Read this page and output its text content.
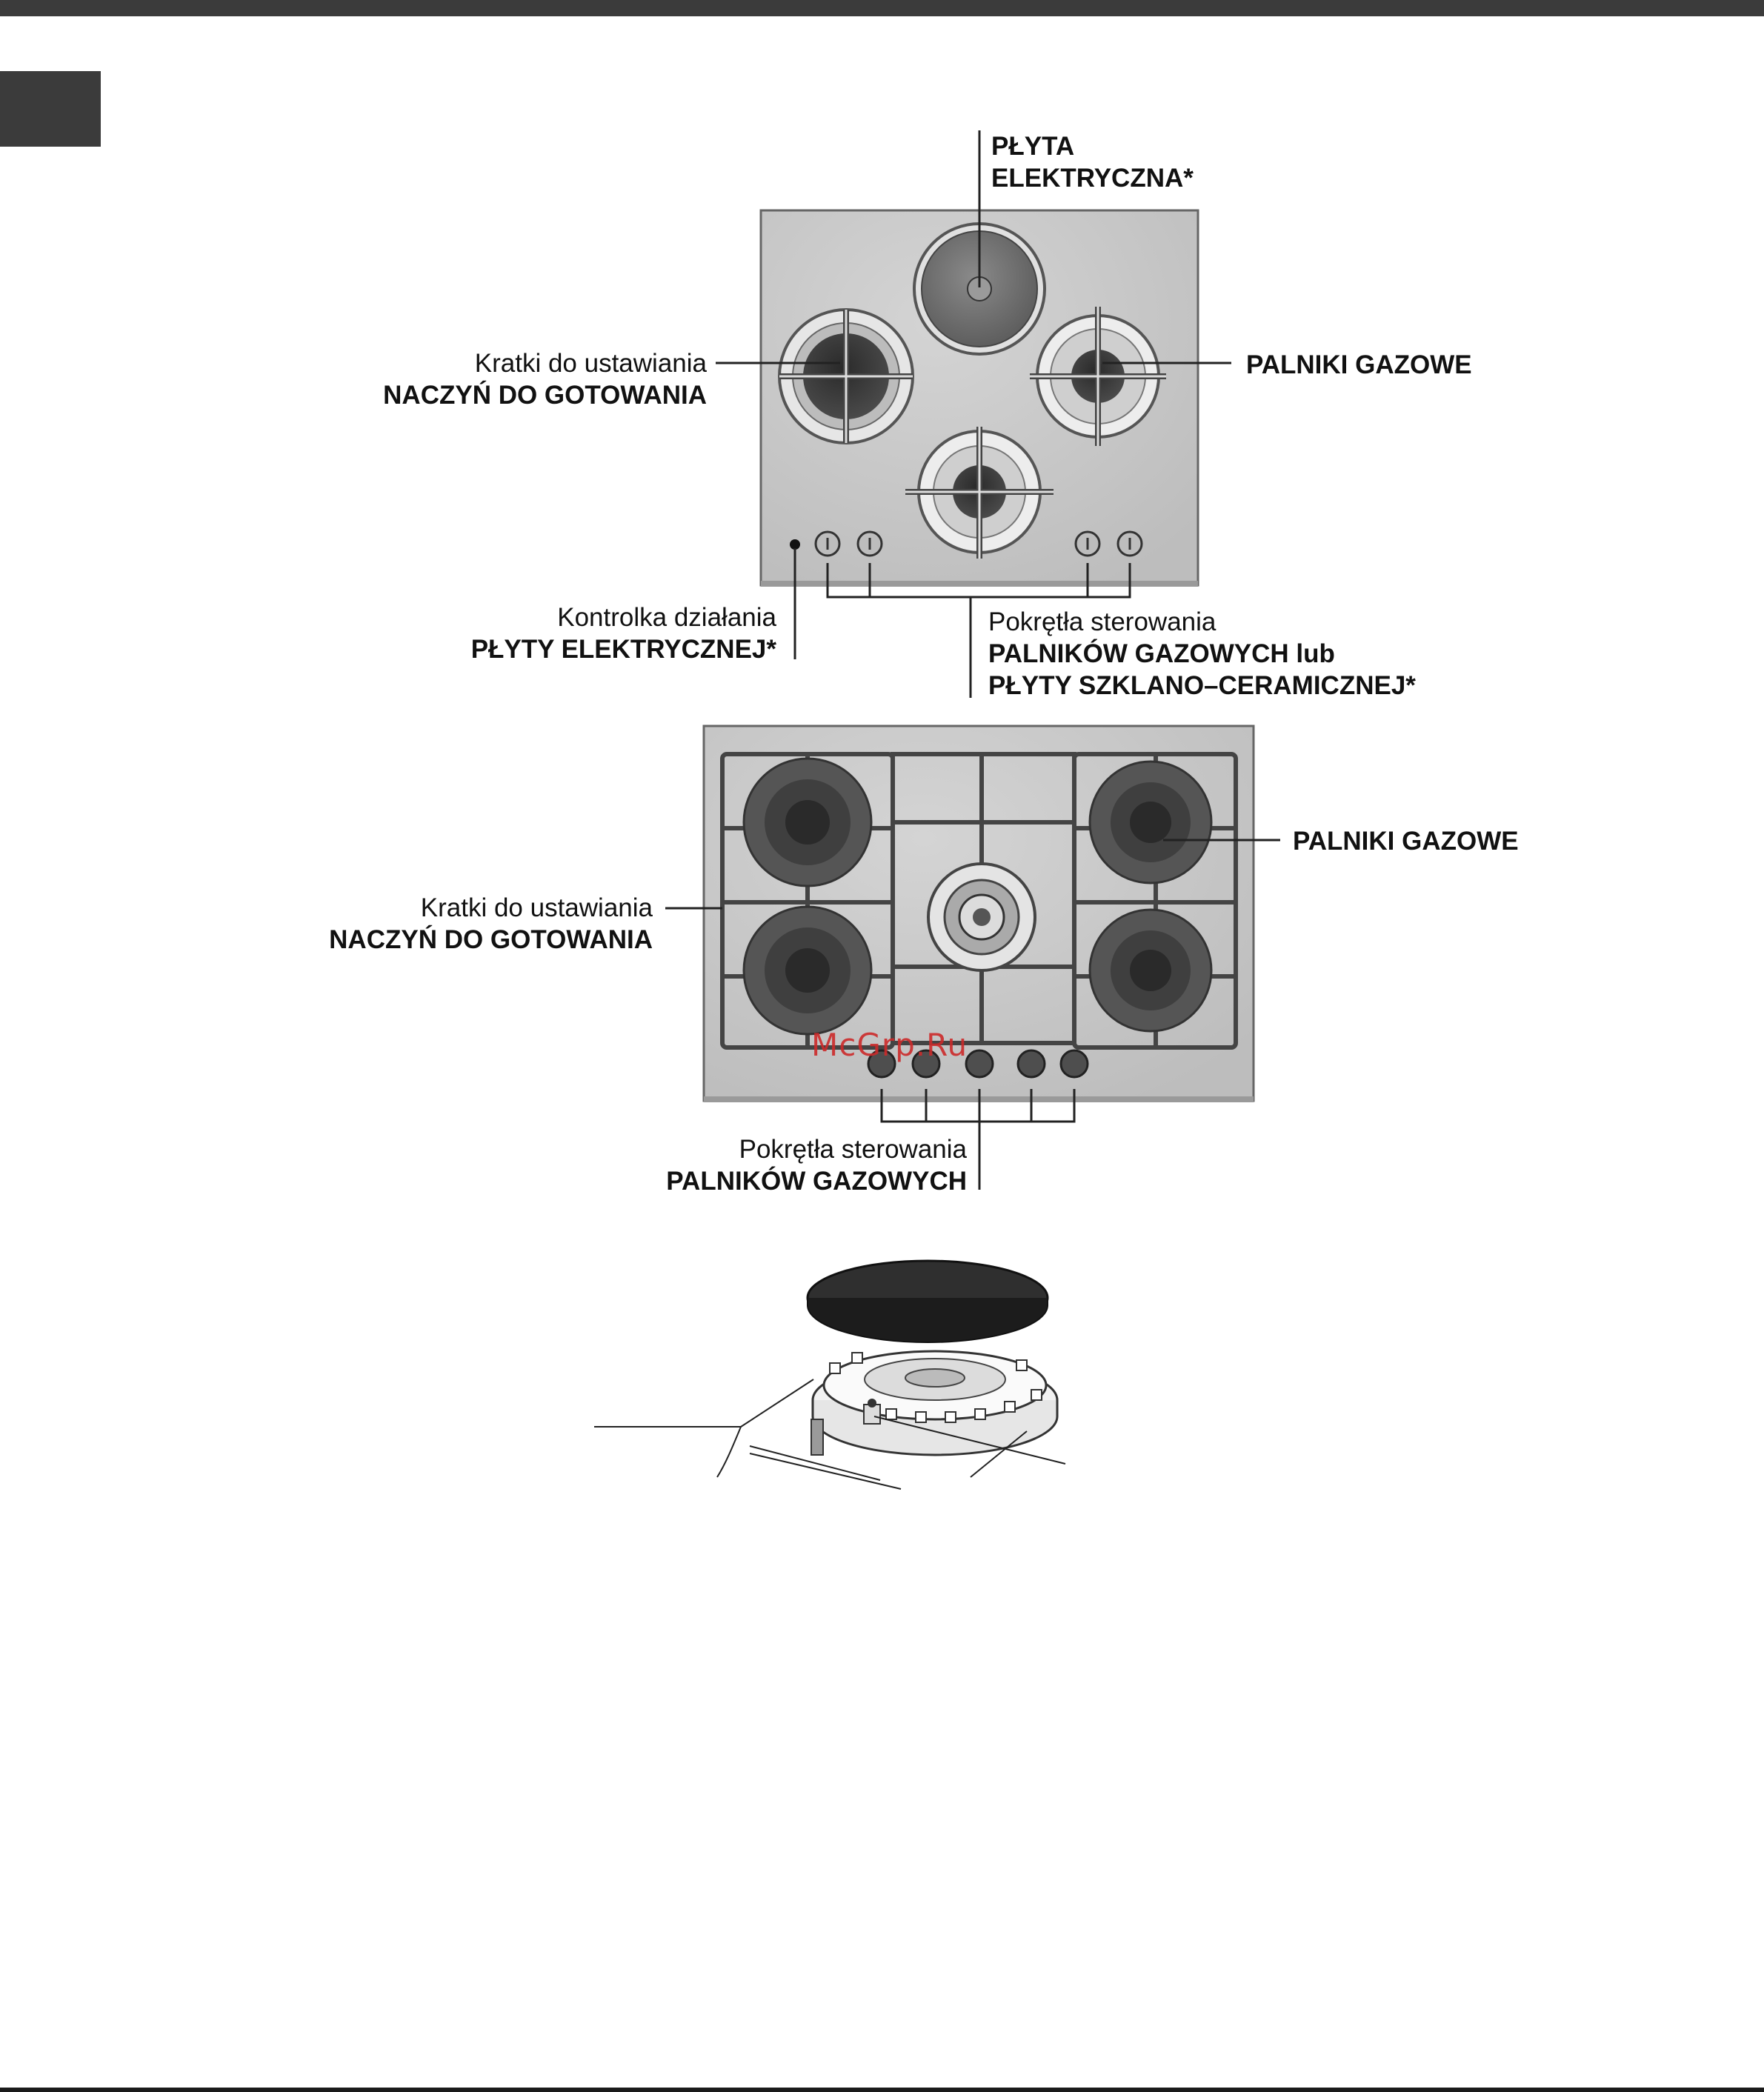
PŁYTA
ELEKTRYCZNA*
PALNIKI GAZOWE
Kratki do ustawiania
NACZYŃ DO GOTOWANIA
Kontrolka działania
PŁYTY ELEKTRYCZNEJ*
Pokrętła sterowania
PALNIKÓW GAZOWYCH lub
PŁYTY SZKLANO–CERAMICZNEJ*
PALNIKI GAZOWE
Kratki do ustawiania
NACZYŃ DO GOTOWANIA
Pokrętła sterowania
PALNIKÓW GAZOWYCH
McGrp.Ru
